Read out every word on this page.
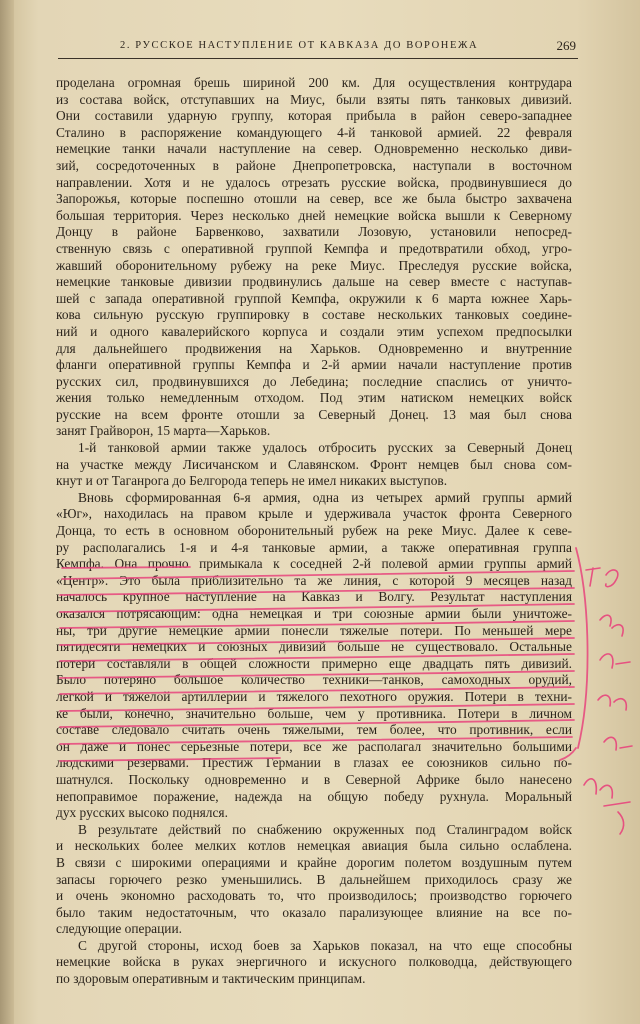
2. РУССКОЕ НАСТУПЛЕНИЕ ОТ КАВКАЗА ДО ВОРОНЕЖА	269
проделана огромная брешь шириной 200 км. Для осуществления контрудара
из состава войск, отступавших на Миус, были взяты пять танковых дивизий.
Они составили ударную группу, которая прибыла в район северо-западнее
Сталино в распоряжение командующего 4-й танковой армией. 22 февраля
немецкие танки начали наступление на север. Одновременно несколько диви-
зий, сосредоточенных в районе Днепропетровска, наступали в восточном
направлении. Хотя и не удалось отрезать русские войска, продвинувшиеся до
Запорожья, которые поспешно отошли на север, все же была быстро захвачена
большая территория. Через несколько дней немецкие войска вышли к Северному
Донцу в районе Барвенково, захватили Лозовую, установили непосред-
ственную связь с оперативной группой Кемпфа и предотвратили обход, угро-
жавший оборонительному рубежу на реке Миус. Преследуя русские войска,
немецкие танковые дивизии продвинулись дальше на север вместе с наступав-
шей с запада оперативной группой Кемпфа, окружили к 6 марта южнее Харь-
кова сильную русскую группировку в составе нескольких танковых соедине-
ний и одного кавалерийского корпуса и создали этим успехом предпосылки
для дальнейшего продвижения на Харьков. Одновременно и внутренние
фланги оперативной группы Кемпфа и 2-й армии начали наступление против
русских сил, продвинувшихся до Лебедина; последние спаслись от уничто-
жения только немедленным отходом. Под этим натиском немецких войск
русские на всем фронте отошли за Северный Донец. 13 мая был снова
занят Грайворон, 15 марта—Харьков.
1-й танковой армии также удалось отбросить русских за Северный Донец
на участке между Лисичанском и Славянском. Фронт немцев был снова сом-
кнут и от Таганрога до Белгорода теперь не имел никаких выступов.
Вновь сформированная 6-я армия, одна из четырех армий группы армий
«Юг», находилась на правом крыле и удерживала участок фронта Северного
Донца, то есть в основном оборонительный рубеж на реке Миус. Далее к севе-
ру располагались 1-я и 4-я танковые армии, а также оперативная группа
Кемпфа. Она прочно примыкала к соседней 2-й полевой армии группы армий
«Центр». Это была приблизительно та же линия, с которой 9 месяцев назад
началось крупное наступление на Кавказ и Волгу. Результат наступления
оказался потрясающим: одна немецкая и три союзные армии были уничтоже-
ны, три другие немецкие армии понесли тяжелые потери. По меньшей мере
пятидесяти немецких и союзных дивизий больше не существовало. Остальные
потери составляли в общей сложности примерно еще двадцать пять дивизий.
Было потеряно большое количество техники—танков, самоходных орудий,
легкой и тяжелой артиллерии и тяжелого пехотного оружия. Потери в техни-
ке были, конечно, значительно больше, чем у противника. Потери в личном
составе следовало считать очень тяжелыми, тем более, что противник, если
он даже и понес серьезные потери, все же располагал значительно большими
людскими резервами. Престиж Германии в глазах ее союзников сильно по-
шатнулся. Поскольку одновременно и в Северной Африке было нанесено
непоправимое поражение, надежда на общую победу рухнула. Моральный
дух русских высоко поднялся.
В результате действий по снабжению окруженных под Сталинградом войск
и нескольких более мелких котлов немецкая авиация была сильно ослаблена.
В связи с широкими операциями и крайне дорогим полетом воздушным путем
запасы горючего резко уменьшились. В дальнейшем приходилось сразу же
и очень экономно расходовать то, что производилось; производство горючего
было таким недостаточным, что оказало парализующее влияние на все по-
следующие операции.
С другой стороны, исход боев за Харьков показал, на что еще способны
немецкие войска в руках энергичного и искусного полководца, действующего
по здоровым оперативным и тактическим принципам.
